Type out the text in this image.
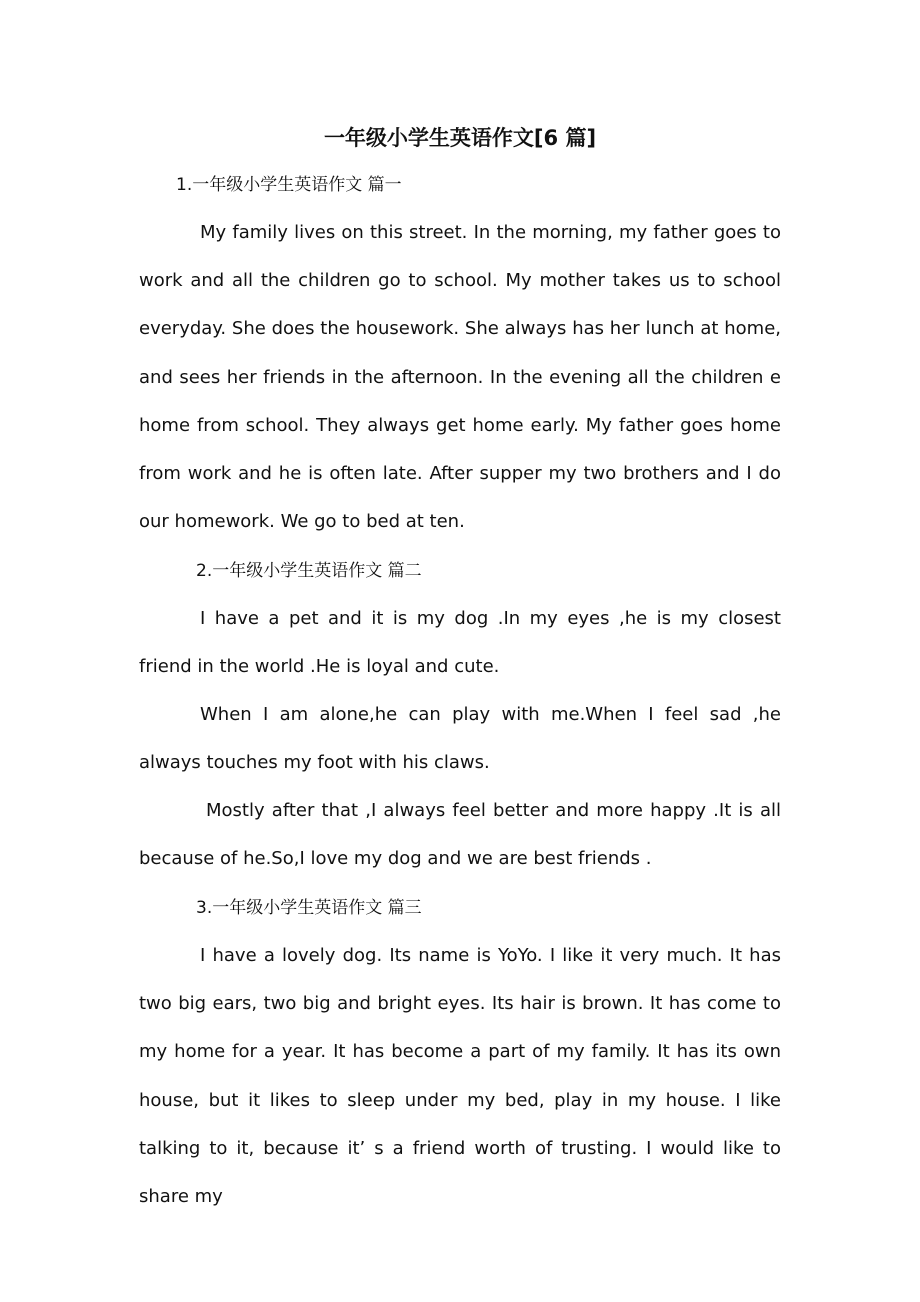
一年级小学生英语作文[6 篇]
1.一年级小学生英语作文 篇一

My family lives on this street. In the morning, my father goes to work and all the children go to school. My mother takes us to school everyday. She does the housework. She always has her lunch at home, and sees her friends in the afternoon. In the evening all the children e home from school. They always get home early. My father goes home from work and he is often late. After supper my two brothers and I do our homework. We go to bed at ten.

2.一年级小学生英语作文 篇二

I have a pet and it is my dog .In my eyes ,he is my closest friend in the world .He is loyal and cute.

When I am alone,he can play with me.When I feel sad ,he always touches my foot with his claws.

Mostly after that ,I always feel better and more happy .It is all because of he.So,I love my dog and we are best friends .

3.一年级小学生英语作文 篇三

I have a lovely dog. Its name is YoYo. I like it very much. It has two big ears, two big and bright eyes. Its hair is brown. It has come to my home for a year. It has become a part of my family. It has its own house, but it likes to sleep under my bed, play in my house. I like talking to it, because it’ s a friend worth of trusting. I would like to share my
